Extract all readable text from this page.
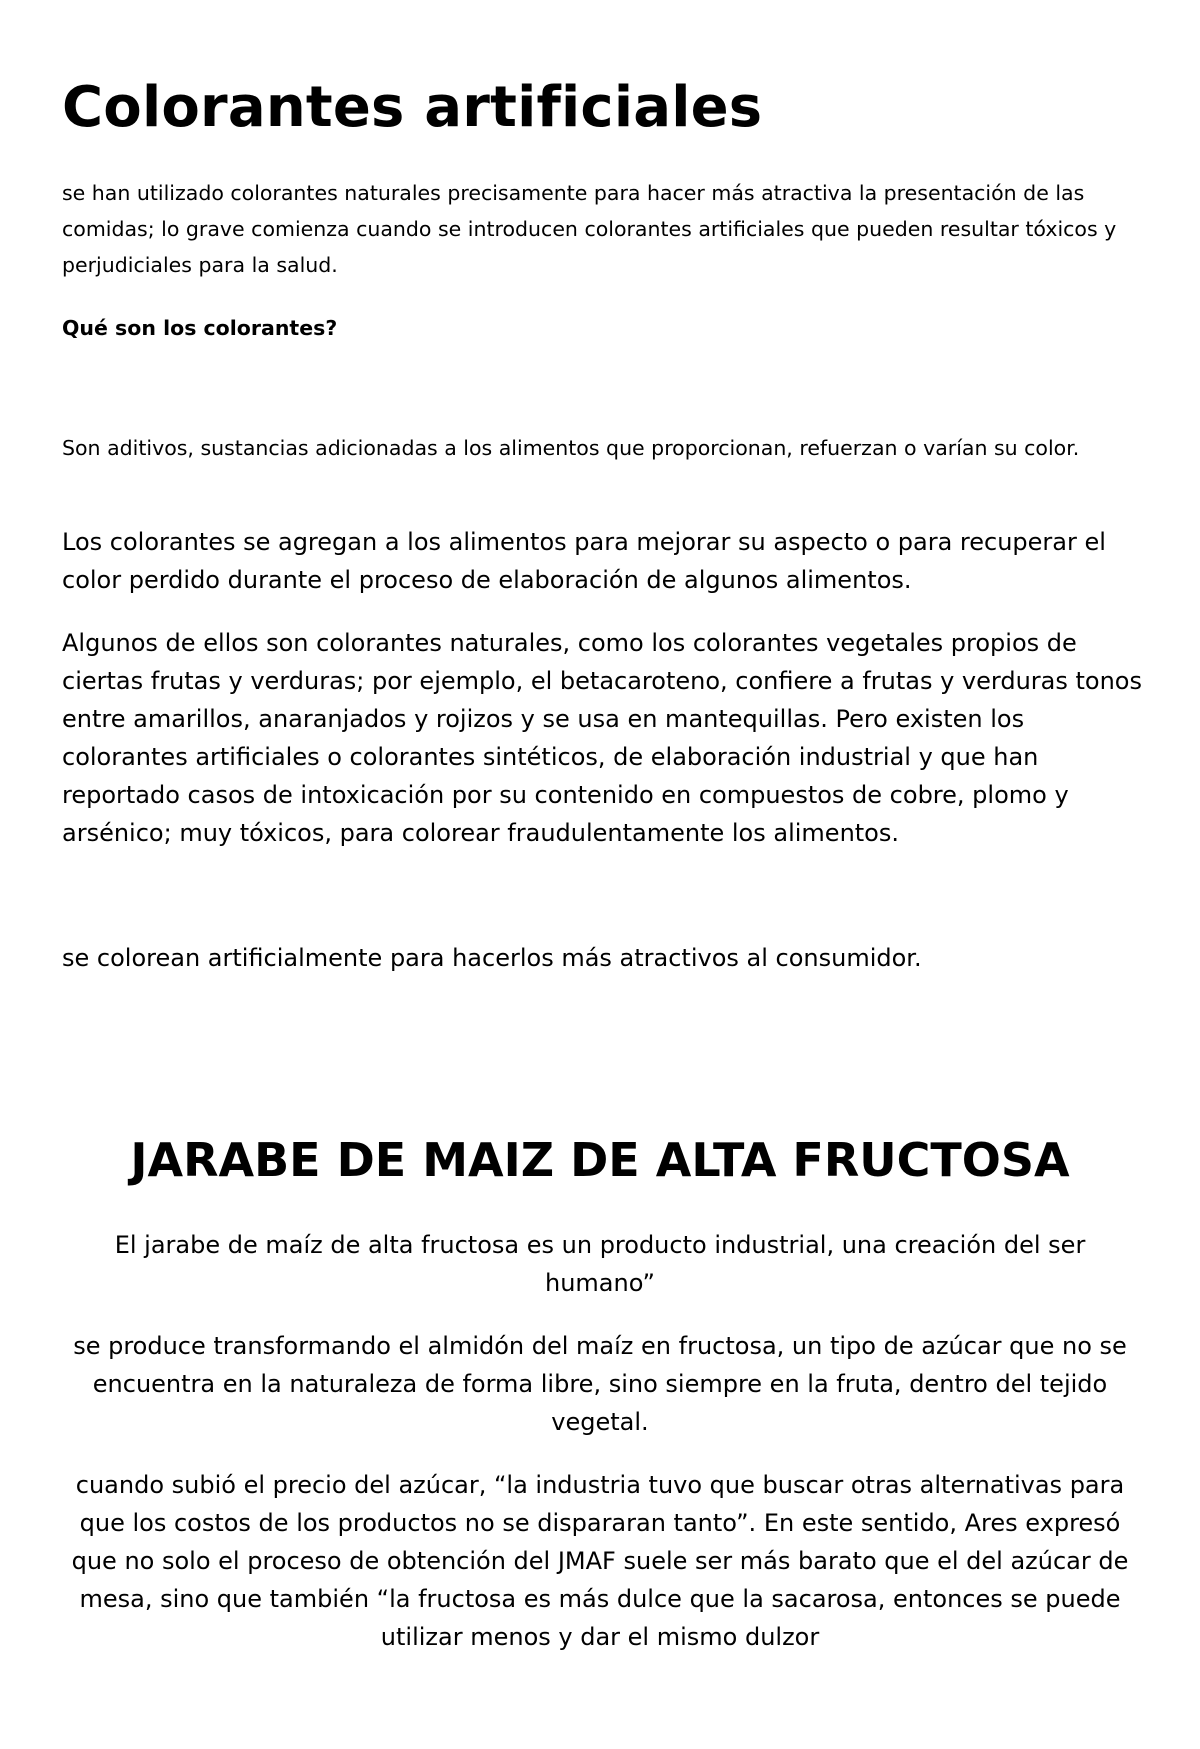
Colorantes artificiales

se han utilizado colorantes naturales precisamente para hacer más atractiva la presentación de las comidas; lo grave comienza cuando se introducen colorantes artificiales que pueden resultar tóxicos y perjudiciales para la salud.

Qué son los colorantes?

Son aditivos, sustancias adicionadas a los alimentos que proporcionan, refuerzan o varían su color.

Los colorantes se agregan a los alimentos para mejorar su aspecto o para recuperar el color perdido durante el proceso de elaboración de algunos alimentos.

Algunos de ellos son colorantes naturales, como los colorantes vegetales propios de ciertas frutas y verduras; por ejemplo, el betacaroteno, confiere a frutas y verduras tonos entre amarillos, anaranjados y rojizos y se usa en mantequillas. Pero existen los colorantes artificiales o colorantes sintéticos, de elaboración industrial y que han reportado casos de intoxicación por su contenido en compuestos de cobre, plomo y arsénico; muy tóxicos, para colorear fraudulentamente los alimentos.

se colorean artificialmente para hacerlos más atractivos al consumidor.

JARABE DE MAIZ DE ALTA FRUCTOSA

El jarabe de maíz de alta fructosa es un producto industrial, una creación del ser humano”

se produce transformando el almidón del maíz en fructosa, un tipo de azúcar que no se encuentra en la naturaleza de forma libre, sino siempre en la fruta, dentro del tejido vegetal.

cuando subió el precio del azúcar, “la industria tuvo que buscar otras alternativas para que los costos de los productos no se dispararan tanto”. En este sentido, Ares expresó que no solo el proceso de obtención del JMAF suele ser más barato que el del azúcar de mesa, sino que también “la fructosa es más dulce que la sacarosa, entonces se puede utilizar menos y dar el mismo dulzor
